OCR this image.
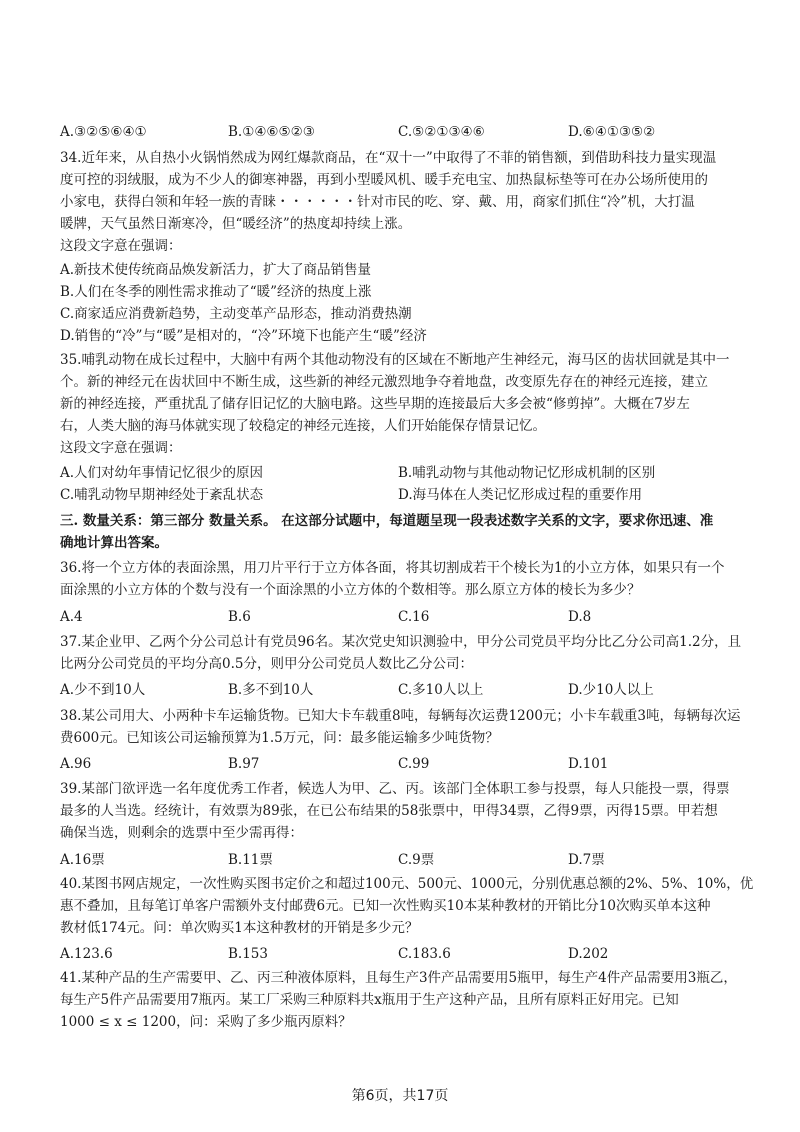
A.③②⑤⑥④①	B.①④⑥⑤②③	C.⑤②①③④⑥	D.⑥④①③⑤②
34.近年来，从自热小火锅悄然成为网红爆款商品，在“双十一”中取得了不菲的销售额，到借助科技力量实现温
度可控的羽绒服，成为不少人的御寒神器，再到小型暖风机、暖手充电宝、加热鼠标垫等可在办公场所使用的
小家电，获得白领和年轻一族的青睐・・・・・・针对市民的吃、穿、戴、用，商家们抓住“冷”机，大打温
暖牌，天气虽然日渐寒冷，但“暖经济”的热度却持续上涨。
这段文字意在强调：
A.新技术使传统商品焕发新活力，扩大了商品销售量
B.人们在冬季的刚性需求推动了“暖”经济的热度上涨
C.商家适应消费新趋势，主动变革产品形态，推动消费热潮
D.销售的“冷”与“暖”是相对的，“冷”环境下也能产生“暖”经济
35.哺乳动物在成长过程中，大脑中有两个其他动物没有的区域在不断地产生神经元，海马区的齿状回就是其中一
个。新的神经元在齿状回中不断生成，这些新的神经元激烈地争夺着地盘，改变原先存在的神经元连接，建立
新的神经连接，严重扰乱了储存旧记忆的大脑电路。这些早期的连接最后大多会被“修剪掉”。大概在7岁左
右，人类大脑的海马体就实现了较稳定的神经元连接，人们开始能保存情景记忆。
这段文字意在强调：
A.人们对幼年事情记忆很少的原因	B.哺乳动物与其他动物记忆形成机制的区别
C.哺乳动物早期神经处于紊乱状态	D.海马体在人类记忆形成过程的重要作用
三. 数量关系：第三部分 数量关系。 在这部分试题中，每道题呈现一段表述数字关系的文字，要求你迅速、准
确地计算出答案。
36.将一个立方体的表面涂黑，用刀片平行于立方体各面，将其切割成若干个棱长为1的小立方体，如果只有一个
面涂黑的小立方体的个数与没有一个面涂黑的小立方体的个数相等。那么原立方体的棱长为多少？
A.4	B.6	C.16	D.8
37.某企业甲、乙两个分公司总计有党员96名。某次党史知识测验中，甲分公司党员平均分比乙分公司高1.2分，且
比两分公司党员的平均分高0.5分，则甲分公司党员人数比乙分公司：
A.少不到10人	B.多不到10人	C.多10人以上	D.少10人以上
38.某公司用大、小两种卡车运输货物。已知大卡车载重8吨，每辆每次运费1200元；小卡车载重3吨，每辆每次运
费600元。已知该公司运输预算为1.5万元，问：最多能运输多少吨货物？
A.96	B.97	C.99	D.101
39.某部门欲评选一名年度优秀工作者，候选人为甲、乙、丙。该部门全体职工参与投票，每人只能投一票，得票
最多的人当选。经统计，有效票为89张，在已公布结果的58张票中，甲得34票，乙得9票，丙得15票。甲若想
确保当选，则剩余的选票中至少需再得：
A.16票	B.11票	C.9票	D.7票
40.某图书网店规定，一次性购买图书定价之和超过100元、500元、1000元，分别优惠总额的2%、5%、10%，优
惠不叠加，且每笔订单客户需额外支付邮费6元。已知一次性购买10本某种教材的开销比分10次购买单本这种
教材低174元。问：单次购买1本这种教材的开销是多少元？
A.123.6	B.153	C.183.6	D.202
41.某种产品的生产需要甲、乙、丙三种液体原料，且每生产3件产品需要用5瓶甲，每生产4件产品需要用3瓶乙，
每生产5件产品需要用7瓶丙。某工厂采购三种原料共x瓶用于生产这种产品，且所有原料正好用完。已知
1000 ≤ x ≤ 1200，问：采购了多少瓶丙原料？
第6页，共17页
